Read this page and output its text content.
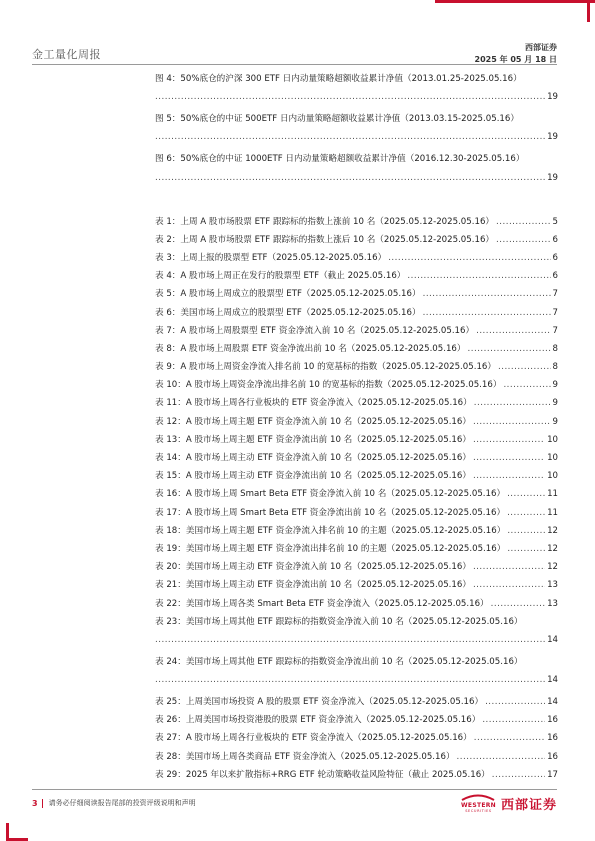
金工量化周报
西部证券
2025 年 05 月 18 日
图 4：50%底仓的沪深 300 ETF 日内动量策略超额收益累计净值（2013.01.25-2025.05.16）
.....
19
图 5：50%底仓的中证 500ETF 日内动量策略超额收益累计净值（2013.03.15-2025.05.16）
.....
19
图 6：50%底仓的中证 1000ETF 日内动量策略超额收益累计净值（2016.12.30-2025.05.16）
.....
19
表 1：上周 A 股市场股票 ETF 跟踪标的指数上涨前 10 名（2025.05.12-2025.05.16） .....	5
表 2：上周 A 股市场股票 ETF 跟踪标的指数上涨后 10 名（2025.05.12-2025.05.16） .....	6
表 3：上周上报的股票型 ETF（2025.05.12-2025.05.16） .....	6
表 4：A 股市场上周正在发行的股票型 ETF（截止 2025.05.16） .....	6
表 5：A 股市场上周成立的股票型 ETF（2025.05.12-2025.05.16） .....	7
表 6：美国市场上周成立的股票型 ETF（2025.05.12-2025.05.16） .....	7
表 7：A 股市场上周股票型 ETF 资金净流入前 10 名（2025.05.12-2025.05.16） .....	7
表 8：A 股市场上周股票 ETF 资金净流出前 10 名（2025.05.12-2025.05.16） .....	8
表 9：A 股市场上周资金净流入排名前 10 的宽基标的指数（2025.05.12-2025.05.16） .....	8
表 10：A 股市场上周资金净流出排名前 10 的宽基标的指数（2025.05.12-2025.05.16） .....	9
表 11：A 股市场上周各行业板块的 ETF 资金净流入（2025.05.12-2025.05.16） .....	9
表 12：A 股市场上周主题 ETF 资金净流入前 10 名（2025.05.12-2025.05.16） .....	9
表 13：A 股市场上周主题 ETF 资金净流出前 10 名（2025.05.12-2025.05.16） .....	10
表 14：A 股市场上周主动 ETF 资金净流入前 10 名（2025.05.12-2025.05.16） .....	10
表 15：A 股市场上周主动 ETF 资金净流出前 10 名（2025.05.12-2025.05.16） .....	10
表 16：A 股市场上周 Smart Beta ETF 资金净流入前 10 名（2025.05.12-2025.05.16） .....	11
表 17：A 股市场上周 Smart Beta ETF 资金净流出前 10 名（2025.05.12-2025.05.16） .....	11
表 18：美国市场上周主题 ETF 资金净流入排名前 10 的主题（2025.05.12-2025.05.16） .....	12
表 19：美国市场上周主题 ETF 资金净流出排名前 10 的主题（2025.05.12-2025.05.16） .....	12
表 20：美国市场上周主动 ETF 资金净流入前 10 名（2025.05.12-2025.05.16） .....	12
表 21：美国市场上周主动 ETF 资金净流出前 10 名（2025.05.12-2025.05.16） .....	13
表 22：美国市场上周各类 Smart Beta ETF 资金净流入（2025.05.12-2025.05.16） .....	13
表 23：美国市场上周其他 ETF 跟踪标的指数资金净流入前 10 名（2025.05.12-2025.05.16）
.....
14
表 24：美国市场上周其他 ETF 跟踪标的指数资金净流出前 10 名（2025.05.12-2025.05.16）
.....
14
表 25：上周美国市场投资 A 股的股票 ETF 资金净流入（2025.05.12-2025.05.16） .....	14
表 26：上周美国市场投资港股的股票 ETF 资金净流入（2025.05.12-2025.05.16） .....	16
表 27：A 股市场上周各行业板块的 ETF 资金净流入（2025.05.12-2025.05.16） .....	16
表 28：美国市场上周各类商品 ETF 资金净流入（2025.05.12-2025.05.16） .....	16
表 29：2025 年以来扩散指标+RRG ETF 轮动策略收益风险特征（截止 2025.05.16） .....	17
3 请务必仔细阅读报告尾部的投资评级说明和声明	WESTERN
SECURITIES 西部证券
